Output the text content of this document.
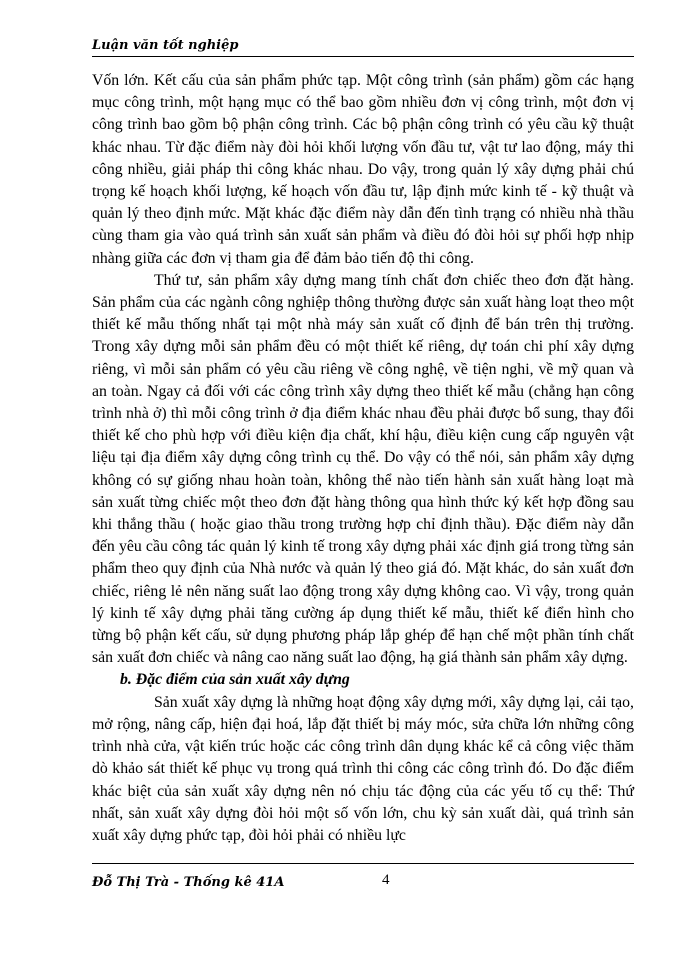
Luận văn tốt nghiệp

Vốn lớn. Kết cấu của sản phẩm phức tạp. Một công trình (sản phẩm) gồm các hạng mục công trình, một hạng mục có thể bao gồm nhiều đơn vị công trình, một đơn vị công trình bao gồm bộ phận công trình. Các bộ phận công trình có yêu cầu kỹ thuật khác nhau. Từ đặc điểm này đòi hỏi khối lượng vốn đầu tư, vật tư lao động, máy thi công nhiều, giải pháp thi công khác nhau. Do vậy, trong quản lý xây dựng phải chú trọng kế hoạch khối lượng, kế hoạch vốn đầu tư, lập định mức kinh tế - kỹ thuật và quản lý theo định mức. Mặt khác đặc điểm này dẫn đến tình trạng có nhiều nhà thầu cùng tham gia vào quá trình sản xuất sản phẩm và điều đó đòi hỏi sự phối hợp nhịp nhàng giữa các đơn vị tham gia để đảm bảo tiến độ thi công.

Thứ tư, sản phẩm xây dựng mang tính chất đơn chiếc theo đơn đặt hàng. Sản phẩm của các ngành công nghiệp thông thường được sản xuất hàng loạt theo một thiết kế mẫu thống nhất tại một nhà máy sản xuất cố định để bán trên thị trường. Trong xây dựng mỗi sản phẩm đều có một thiết kế riêng, dự toán chi phí xây dựng riêng, vì mỗi sản phẩm có yêu cầu riêng về công nghệ, về tiện nghi, về mỹ quan và an toàn. Ngay cả đối với các công trình xây dựng theo thiết kế mẫu (chẳng hạn công trình nhà ở) thì mỗi công trình ở địa điểm khác nhau đều phải được bổ sung, thay đổi thiết kế cho phù hợp với điều kiện địa chất, khí hậu, điều kiện cung cấp nguyên vật liệu tại địa điểm xây dựng công trình cụ thể. Do vậy có thể nói, sản phẩm xây dựng không có sự giống nhau hoàn toàn, không thể nào tiến hành sản xuất hàng loạt mà sản xuất từng chiếc một theo đơn đặt hàng thông qua hình thức ký kết hợp đồng sau khi thắng thầu ( hoặc giao thầu trong trường hợp chỉ định thầu). Đặc điểm này dẫn đến yêu cầu công tác quản lý kinh tế trong xây dựng phải xác định giá trong từng sản phẩm theo quy định của Nhà nước và quản lý theo giá đó. Mặt khác, do sản xuất đơn chiếc, riêng lẻ nên năng suất lao động trong xây dựng không cao. Vì vậy, trong quản lý kinh tế xây dựng phải tăng cường áp dụng thiết kế mẫu, thiết kế điển hình cho từng bộ phận kết cấu, sử dụng phương pháp lắp ghép để hạn chế một phần tính chất sản xuất đơn chiếc và nâng cao năng suất lao động, hạ giá thành sản phẩm xây dựng.

b. Đặc điểm của sản xuất xây dựng

Sản xuất xây dựng là những hoạt động xây dựng mới, xây dựng lại, cải tạo, mở rộng, nâng cấp, hiện đại hoá, lắp đặt thiết bị máy móc, sửa chữa lớn những công trình nhà cửa, vật kiến trúc hoặc các công trình dân dụng khác kể cả công việc thăm dò khảo sát thiết kế phục vụ trong quá trình thi công các công trình đó. Do đặc điểm khác biệt của sản xuất xây dựng nên nó chịu tác động của các yếu tố cụ thể: Thứ nhất, sản xuất xây dựng đòi hỏi một số vốn lớn, chu kỳ sản xuất dài, quá trình sản xuất xây dựng phức tạp, đòi hỏi phải có nhiều lực

Đỗ Thị Trà - Thống kê 41A	4
